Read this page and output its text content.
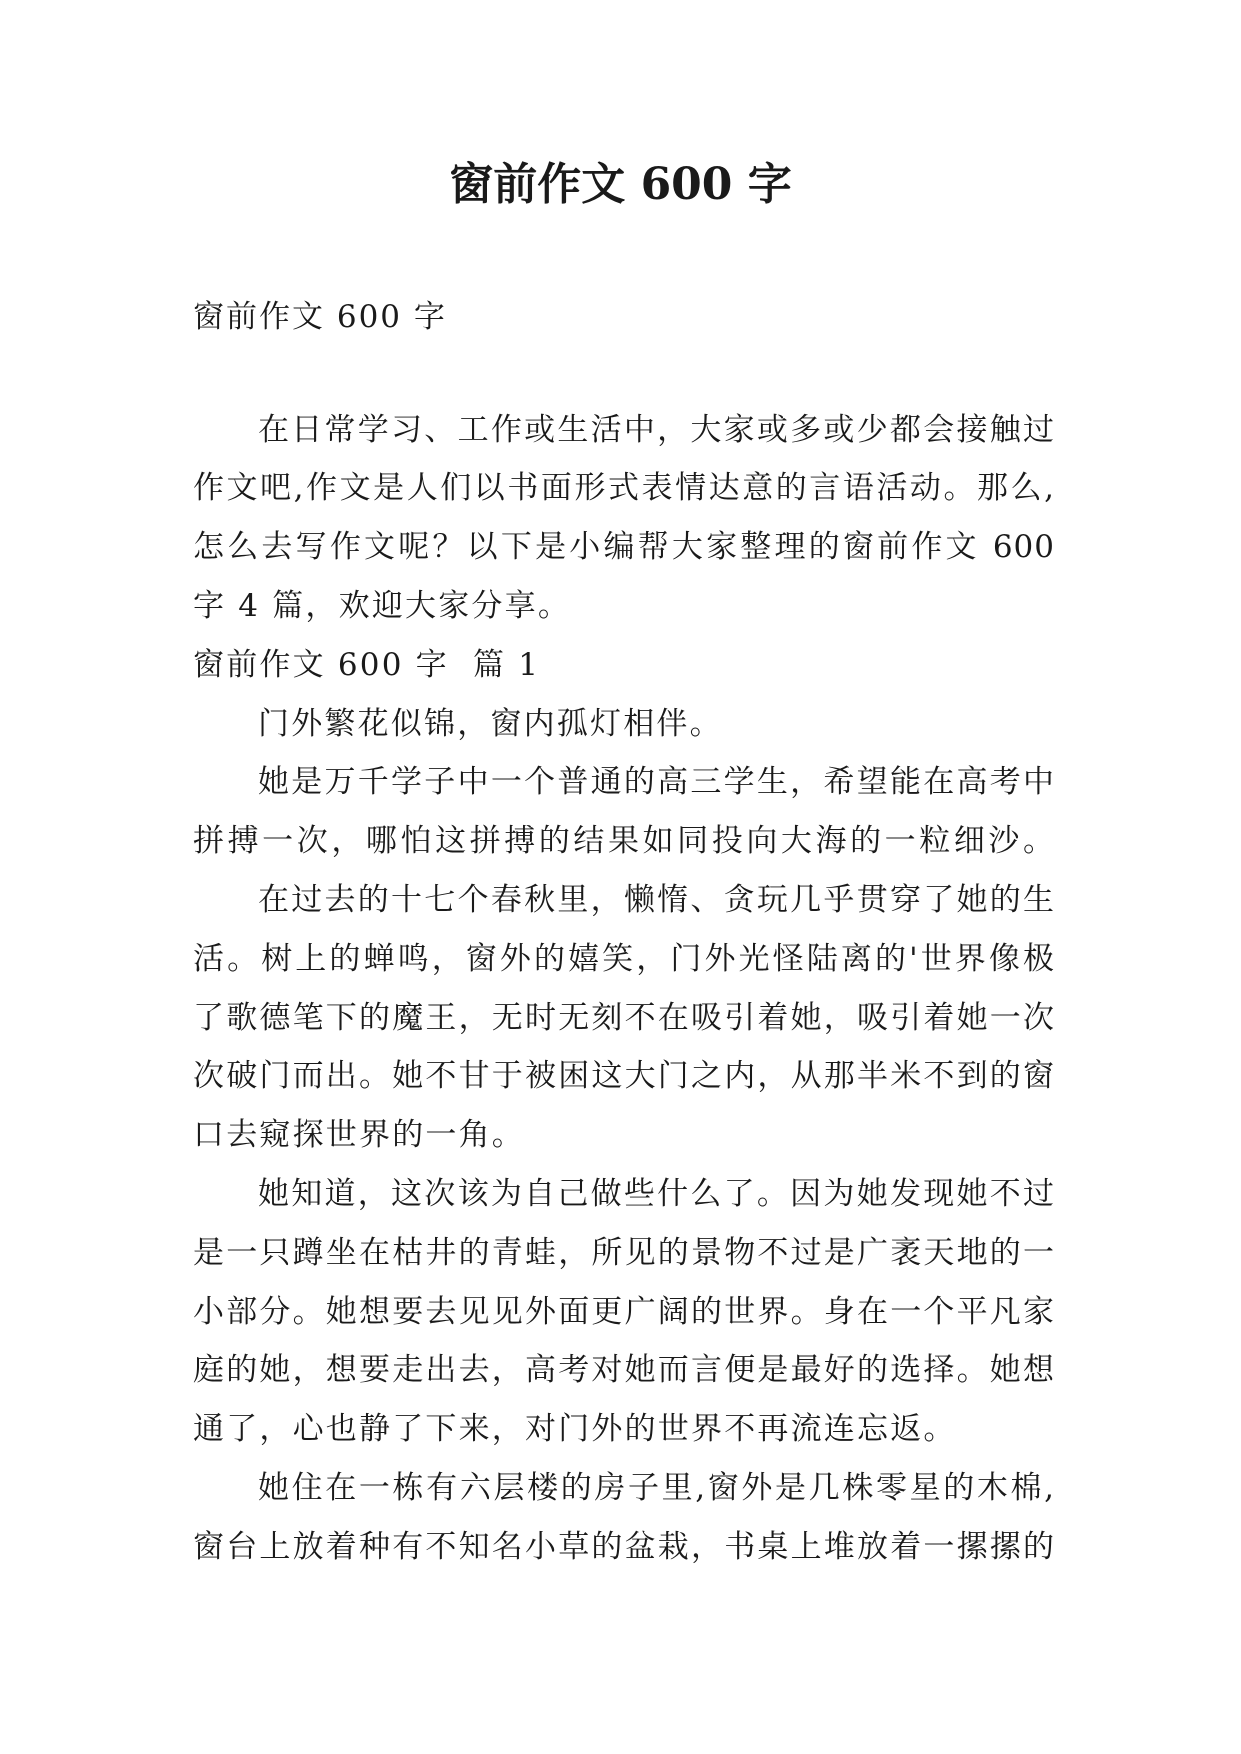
窗前作文 600 字
窗前作文 600 字
在日常学习、工作或生活中，大家或多或少都会接触过
作文吧,作文是人们以书面形式表情达意的言语活动。那么,
怎么去写作文呢？以下是小编帮大家整理的窗前作文 600
字 4 篇，欢迎大家分享。
窗前作文 600 字  篇 1
门外繁花似锦，窗内孤灯相伴。
她是万千学子中一个普通的高三学生，希望能在高考中
拼搏一次，哪怕这拼搏的结果如同投向大海的一粒细沙。
在过去的十七个春秋里，懒惰、贪玩几乎贯穿了她的生
活。树上的蝉鸣，窗外的嬉笑，门外光怪陆离的'世界像极
了歌德笔下的魔王，无时无刻不在吸引着她，吸引着她一次
次破门而出。她不甘于被困这大门之内，从那半米不到的窗
口去窥探世界的一角。
她知道，这次该为自己做些什么了。因为她发现她不过
是一只蹲坐在枯井的青蛙，所见的景物不过是广袤天地的一
小部分。她想要去见见外面更广阔的世界。身在一个平凡家
庭的她，想要走出去，高考对她而言便是最好的选择。她想
通了，心也静了下来，对门外的世界不再流连忘返。
她住在一栋有六层楼的房子里,窗外是几株零星的木棉,
窗台上放着种有不知名小草的盆栽，书桌上堆放着一摞摞的
